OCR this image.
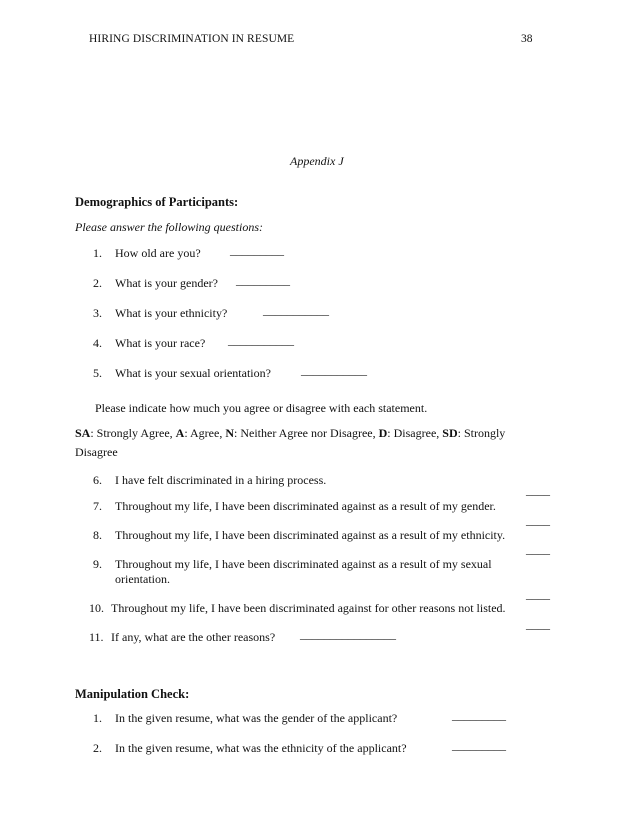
HIRING DISCRIMINATION IN RESUME	38
Appendix J
Demographics of Participants:
Please answer the following questions:
1. How old are you? _________
2. What is your gender? _________
3. What is your ethnicity?	___________
4. What is your race? ___________
5. What is your sexual orientation?	___________
Please indicate how much you agree or disagree with each statement.
SA: Strongly Agree, A: Agree, N: Neither Agree nor Disagree, D: Disagree, SD: Strongly Disagree
6. I have felt discriminated in a hiring process.
____
7. Throughout my life, I have been discriminated against as a result of my gender.
____
8. Throughout my life, I have been discriminated against as a result of my ethnicity.
____
9. Throughout my life, I have been discriminated against as a result of my sexual
orientation.
____
10. Throughout my life, I have been discriminated against for other reasons not listed.
____
11. If any, what are the other reasons? ________________
Manipulation Check:
1. In the given resume, what was the gender of the applicant?	_________
2. In the given resume, what was the ethnicity of the applicant?	_________
